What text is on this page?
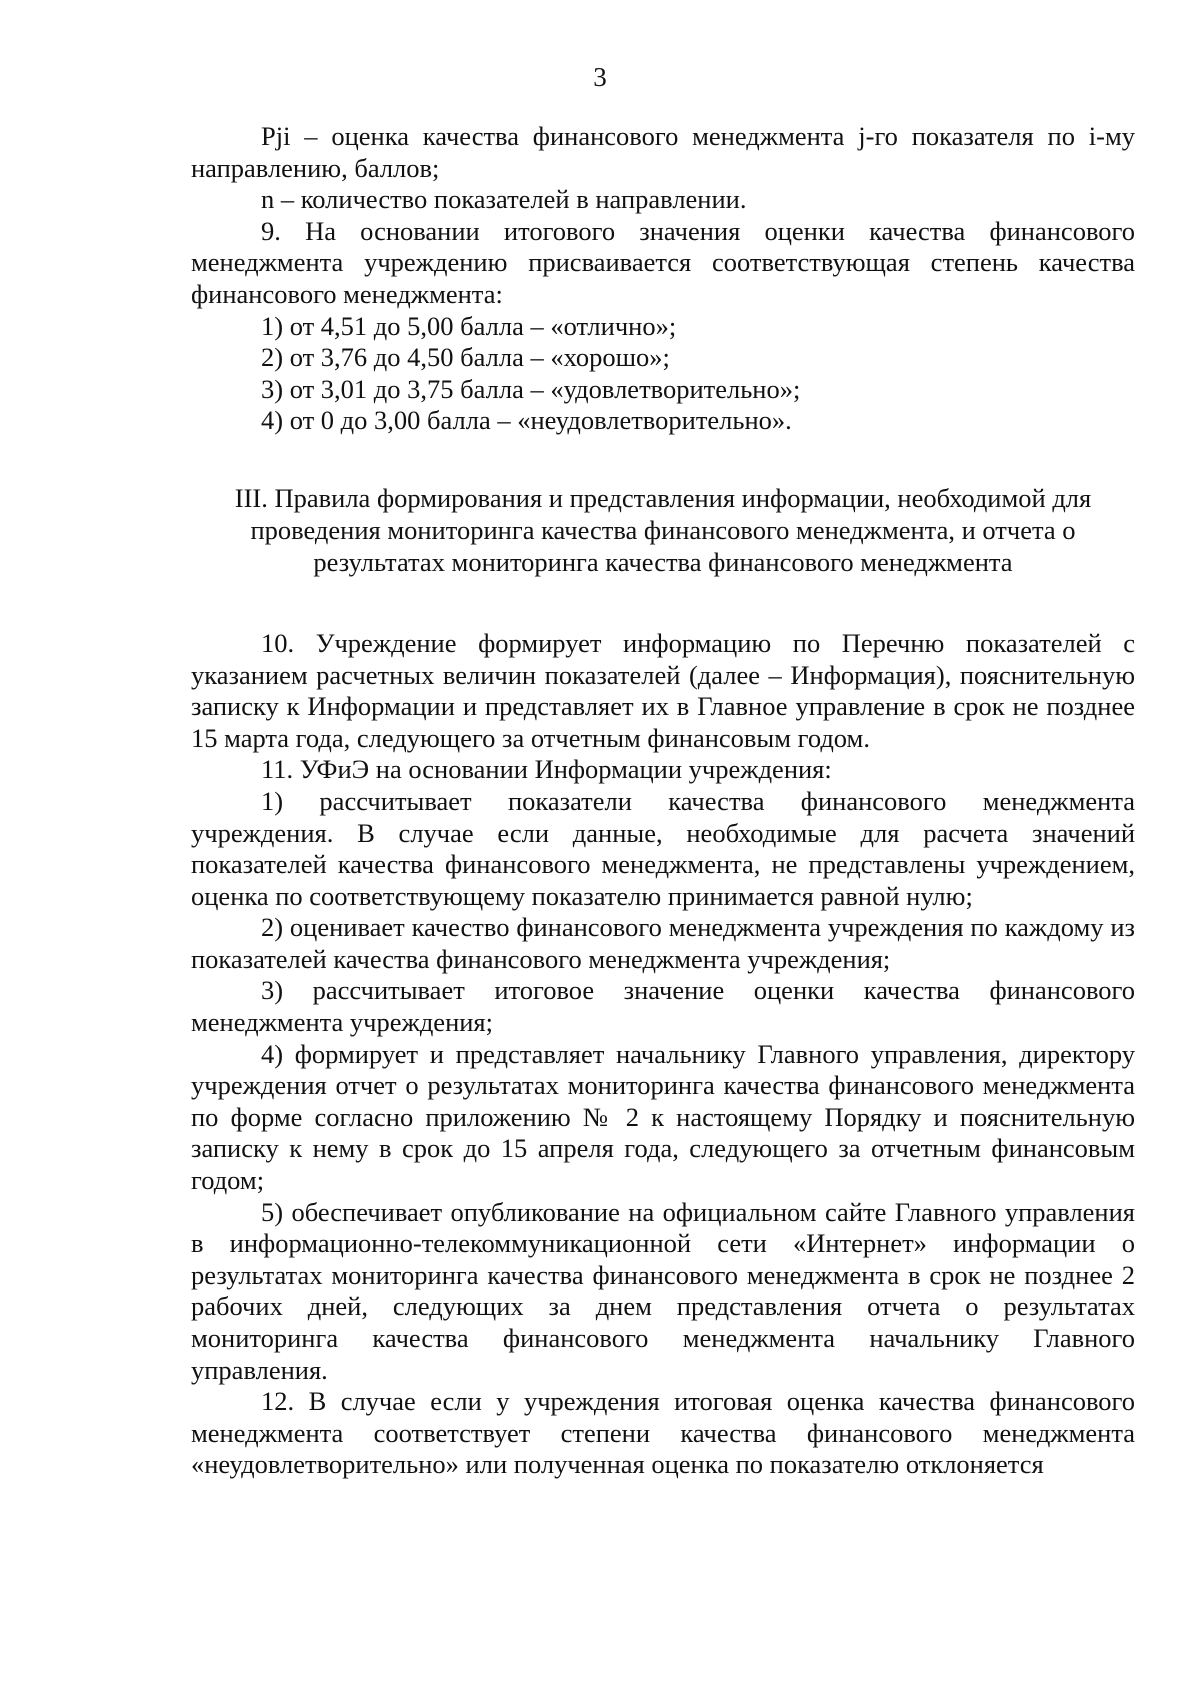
3

Pji – оценка качества финансового менеджмента j-го показателя по i-му направлению, баллов;

n – количество показателей в направлении.

9. На основании итогового значения оценки качества финансового менеджмента учреждению присваивается соответствующая степень качества финансового менеджмента:

1) от 4,51 до 5,00 балла – «отлично»;

2) от 3,76 до 4,50 балла – «хорошо»;

3) от 3,01 до 3,75 балла – «удовлетворительно»;

4) от 0 до 3,00 балла – «неудовлетворительно».

III. Правила формирования и представления информации, необходимой для проведения мониторинга качества финансового менеджмента, и отчета о результатах мониторинга качества финансового менеджмента

10. Учреждение формирует информацию по Перечню показателей с указанием расчетных величин показателей (далее – Информация), пояснительную записку к Информации и представляет их в Главное управление в срок не позднее 15 марта года, следующего за отчетным финансовым годом.

11. УФиЭ на основании Информации учреждения:

1) рассчитывает показатели качества финансового менеджмента учреждения. В случае если данные, необходимые для расчета значений показателей качества финансового менеджмента, не представлены учреждением, оценка по соответствующему показателю принимается равной нулю;

2) оценивает качество финансового менеджмента учреждения по каждому из показателей качества финансового менеджмента учреждения;

3) рассчитывает итоговое значение оценки качества финансового менеджмента учреждения;

4) формирует и представляет начальнику Главного управления, директору учреждения отчет о результатах мониторинга качества финансового менеджмента по форме согласно приложению № 2 к настоящему Порядку и пояснительную записку к нему в срок до 15 апреля года, следующего за отчетным финансовым годом;

5) обеспечивает опубликование на официальном сайте Главного управления в информационно-телекоммуникационной сети «Интернет» информации о результатах мониторинга качества финансового менеджмента в срок не позднее 2 рабочих дней, следующих за днем представления отчета о результатах мониторинга качества финансового менеджмента начальнику Главного управления.

12. В случае если у учреждения итоговая оценка качества финансового менеджмента соответствует степени качества финансового менеджмента «неудовлетворительно» или полученная оценка по показателю отклоняется
